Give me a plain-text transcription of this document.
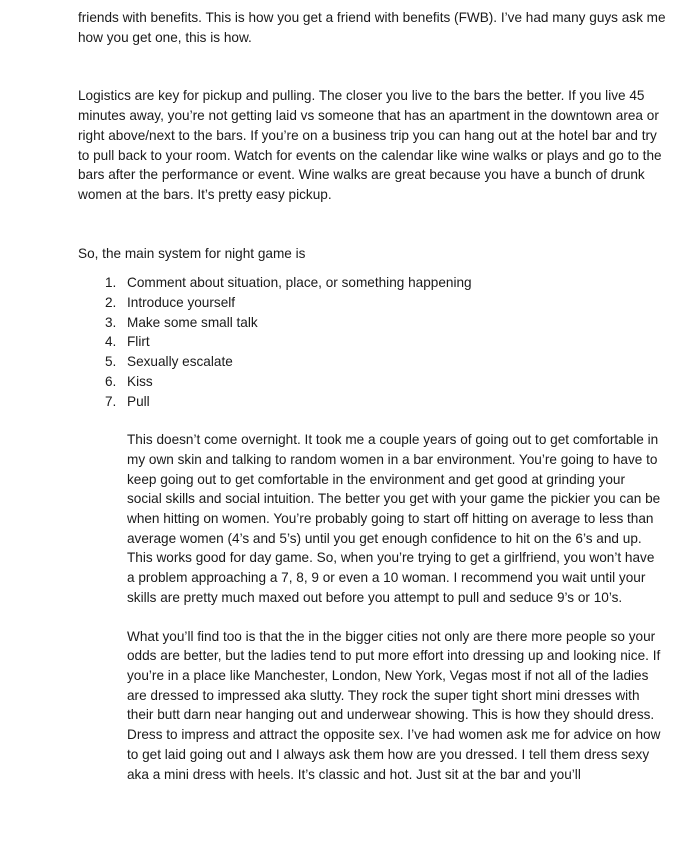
friends with benefits. This is how you get a friend with benefits (FWB). I’ve had many guys ask me how you get one, this is how.

Logistics are key for pickup and pulling. The closer you live to the bars the better. If you live 45 minutes away, you’re not getting laid vs someone that has an apartment in the downtown area or right above/next to the bars. If you’re on a business trip you can hang out at the hotel bar and try to pull back to your room. Watch for events on the calendar like wine walks or plays and go to the bars after the performance or event. Wine walks are great because you have a bunch of drunk women at the bars. It’s pretty easy pickup.

So, the main system for night game is

1. Comment about situation, place, or something happening
2. Introduce yourself
3. Make some small talk
4. Flirt
5. Sexually escalate
6. Kiss
7. Pull

This doesn’t come overnight. It took me a couple years of going out to get comfortable in my own skin and talking to random women in a bar environment. You’re going to have to keep going out to get comfortable in the environment and get good at grinding your social skills and social intuition. The better you get with your game the pickier you can be when hitting on women. You’re probably going to start off hitting on average to less than average women (4’s and 5’s) until you get enough confidence to hit on the 6’s and up. This works good for day game. So, when you’re trying to get a girlfriend, you won’t have a problem approaching a 7, 8, 9 or even a 10 woman. I recommend you wait until your skills are pretty much maxed out before you attempt to pull and seduce 9’s or 10’s.

What you’ll find too is that the in the bigger cities not only are there more people so your odds are better, but the ladies tend to put more effort into dressing up and looking nice. If you’re in a place like Manchester, London, New York, Vegas most if not all of the ladies are dressed to impressed aka slutty. They rock the super tight short mini dresses with their butt darn near hanging out and underwear showing. This is how they should dress. Dress to impress and attract the opposite sex. I’ve had women ask me for advice on how to get laid going out and I always ask them how are you dressed. I tell them dress sexy aka a mini dress with heels. It’s classic and hot. Just sit at the bar and you’ll
